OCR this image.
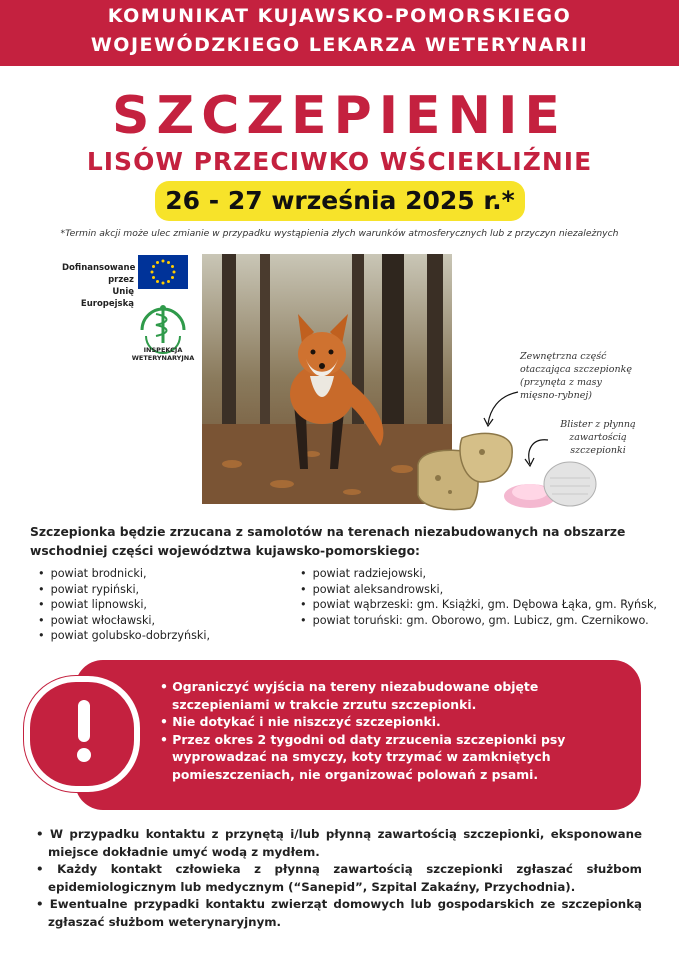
KOMUNIKAT KUJAWSKO-POMORSKIEGO
WOJEWÓDZKIEGO LEKARZA WETERYNARII
SZCZEPIENIE
LISÓW PRZECIWKO WŚCIEKLIŹNIE
26 - 27 września 2025 r.*
*Termin akcji może ulec zmianie w przypadku wystąpienia złych warunków atmosferycznych lub z przyczyn niezależnych
Dofinansowane przez
Unię Europejską
INSPEKCJA
WETERYNARYJNA	Zewnętrzna część
otaczająca szczepionkę
(przynęta z masy
mięsno-rybnej)
Blister z płynną
zawartością
szczepionki
Szczepionka będzie zrzucana z samolotów na terenach niezabudowanych na obszarze wschodniej części województwa kujawsko-pomorskiego:
• powiat brodnicki,
• powiat rypiński,
• powiat lipnowski,
• powiat włocławski,
• powiat golubsko-dobrzyński,
• powiat radziejowski,
• powiat aleksandrowski,
• powiat wąbrzeski: gm. Książki, gm. Dębowa Łąka, gm. Ryńsk,
• powiat toruński: gm. Oborowo, gm. Lubicz, gm. Czernikowo.
• Ograniczyć wyjścia na tereny niezabudowane objęte szczepieniami w trakcie zrzutu szczepionki.
• Nie dotykać i nie niszczyć szczepionki.
• Przez okres 2 tygodni od daty zrzucenia szczepionki psy wyprowadzać na smyczy, koty trzymać w zamkniętych pomieszczeniach, nie organizować polowań z psami.
• W przypadku kontaktu z przynętą i/lub płynną zawartością szczepionki, eksponowane miejsce dokładnie umyć wodą z mydłem.
• Każdy kontakt człowieka z płynną zawartością szczepionki zgłaszać służbom epidemiologicznym lub medycznym (“Sanepid”, Szpital Zakaźny, Przychodnia).
• Ewentualne przypadki kontaktu zwierząt domowych lub gospodarskich ze szczepionką zgłaszać służbom weterynaryjnym.
